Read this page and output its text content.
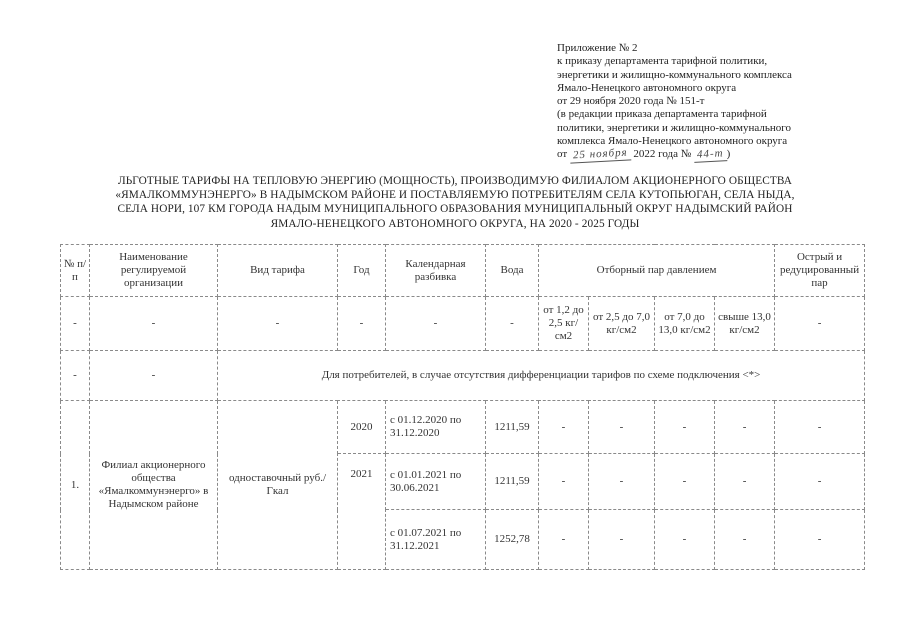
Приложение № 2
к приказу департамента тарифной политики,
энергетики и жилищно-коммунального комплекса
Ямало-Ненецкого автономного округа
от 29 ноября 2020 года № 151-т
(в редакции приказа департамента тарифной
политики, энергетики и жилищно-коммунального
комплекса Ямало-Ненецкого автономного округа
от 25 ноября 2022 года № 44-т )
ЛЬГОТНЫЕ ТАРИФЫ НА ТЕПЛОВУЮ ЭНЕРГИЮ (МОЩНОСТЬ), ПРОИЗВОДИМУЮ ФИЛИАЛОМ АКЦИОНЕРНОГО ОБЩЕСТВА
«ЯМАЛКОММУНЭНЕРГО» В НАДЫМСКОМ РАЙОНЕ И ПОСТАВЛЯЕМУЮ ПОТРЕБИТЕЛЯМ СЕЛА КУТОПЬЮГАН, СЕЛА НЫДА,
СЕЛА НОРИ, 107 КМ ГОРОДА НАДЫМ МУНИЦИПАЛЬНОГО ОБРАЗОВАНИЯ МУНИЦИПАЛЬНЫЙ ОКРУГ НАДЫМСКИЙ РАЙОН
ЯМАЛО-НЕНЕЦКОГО АВТОНОМНОГО ОКРУГА, НА 2020 - 2025 ГОДЫ
№ п/п	Наименование регулируемой организации	Вид тарифа	Год	Календарная разбивка	Вода	Отборный пар давлением				Острый и редуцированный пар
-	-	-	-	-	-	от 1,2 до 2,5 кг/см2	от 2,5 до 7,0 кг/см2	от 7,0 до 13,0 кг/см2	свыше 13,0 кг/см2	-
-	-	Для потребителей, в случае отсутствия дифференциации тарифов по схеме подключения <*>								
1.	Филиал акционерного общества «Ямалкоммунэнерго» в Надымском районе	одноставочный руб./Гкал	2020	с 01.12.2020 по 31.12.2020	1211,59	-	-	-	-	-
			2021	с 01.01.2021 по 30.06.2021	1211,59	-	-	-	-	-
				с 01.07.2021 по 31.12.2021	1252,78	-	-	-	-	-
